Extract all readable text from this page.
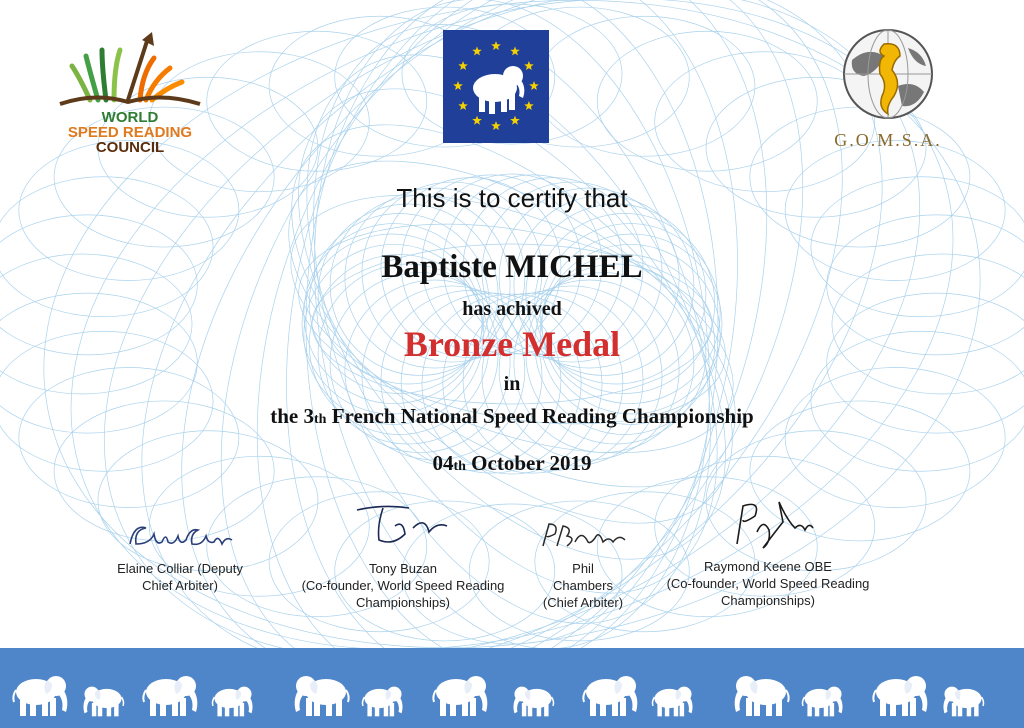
WORLD
SPEED READING
COUNCIL	G.O.M.S.A.
This is to certify that
Baptiste MICHEL
has achived
Bronze Medal
in
the 3th French National Speed Reading Championship
04th October 2019
Elaine Colliar (Deputy
Chief Arbiter)
Tony Buzan
(Co-founder, World Speed Reading
Championships)
Phil
Chambers
(Chief Arbiter)
Raymond Keene OBE
(Co-founder, World Speed Reading
Championships)
